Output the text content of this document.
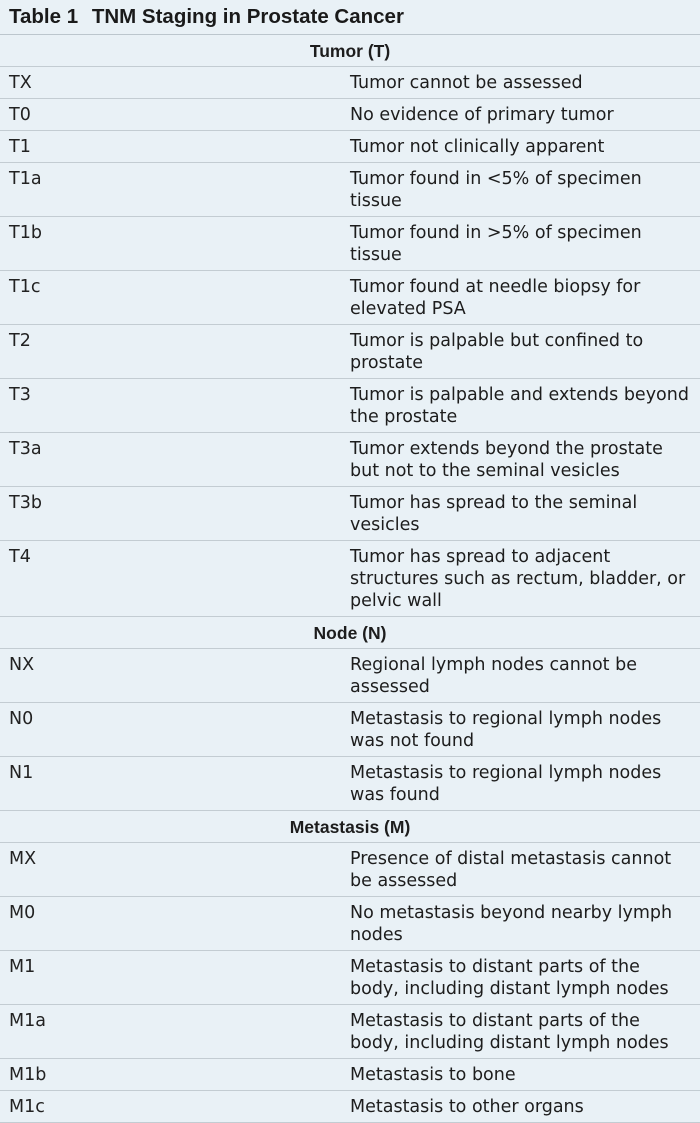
Table 1 TNM Staging in Prostate Cancer
Tumor (T)	
TX	Tumor cannot be assessed
T0	No evidence of primary tumor
T1	Tumor not clinically apparent
T1a	Tumor found in <5% of specimen tissue
T1b	Tumor found in >5% of specimen tissue
T1c	Tumor found at needle biopsy for elevated PSA
T2	Tumor is palpable but confined to prostate
T3	Tumor is palpable and extends beyond the prostate
T3a	Tumor extends beyond the prostate but not to the seminal vesicles
T3b	Tumor has spread to the seminal vesicles
T4	Tumor has spread to adjacent structures such as rectum, bladder, or pelvic wall
Node (N)	
NX	Regional lymph nodes cannot be assessed
N0	Metastasis to regional lymph nodes was not found
N1	Metastasis to regional lymph nodes was found
Metastasis (M)	
MX	Presence of distal metastasis cannot be assessed
M0	No metastasis beyond nearby lymph nodes
M1	Metastasis to distant parts of the body, including distant lymph nodes
M1a	Metastasis to distant parts of the body, including distant lymph nodes
M1b	Metastasis to bone
M1c	Metastasis to other organs
